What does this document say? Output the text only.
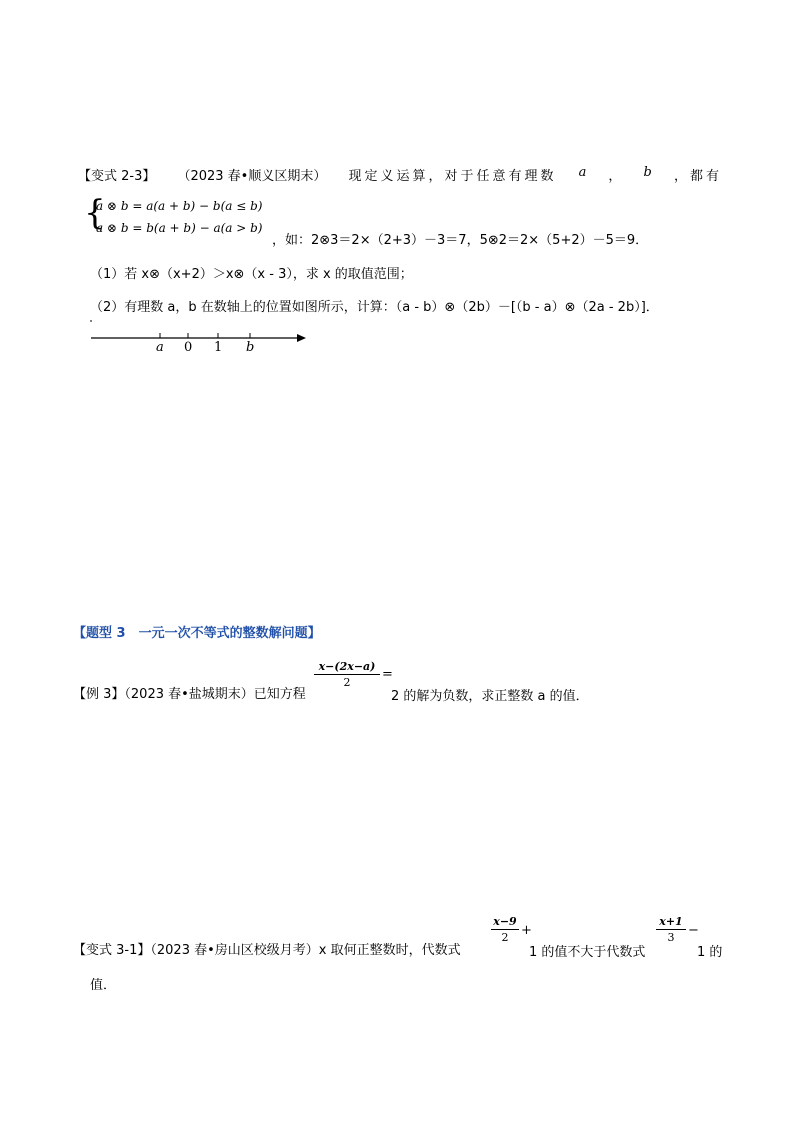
【变式 2-3】 （2023 春•顺义区期末） 现定义运算，对于任意有理数 a ， b ，都有
{
a ⊗ b = a(a + b) − b(a ≤ b)
a ⊗ b = b(a + b) − a(a > b)
，如：2⊗3＝2×（2+3）－3＝7，5⊗2＝2×（5+2）－5＝9．
（1）若 x⊗（x+2）＞x⊗（x - 3），求 x 的取值范围；
（2）有理数 a，b 在数轴上的位置如图所示，计算：（a - b）⊗（2b）－[（b - a）⊗（2a - 2b）]．
a 0 1 b
【题型 3　一元一次不等式的整数解问题】
【例 3】（2023 春•盐城期末）已知方程
x−(2x−a)
2
=
2 的解为负数，求正整数 a 的值．
【变式 3-1】（2023 春•房山区校级月考）x 取何正整数时，代数式
x−9
2 +
1 的值不大于代数式
x+1
3	−
1 的
值．
